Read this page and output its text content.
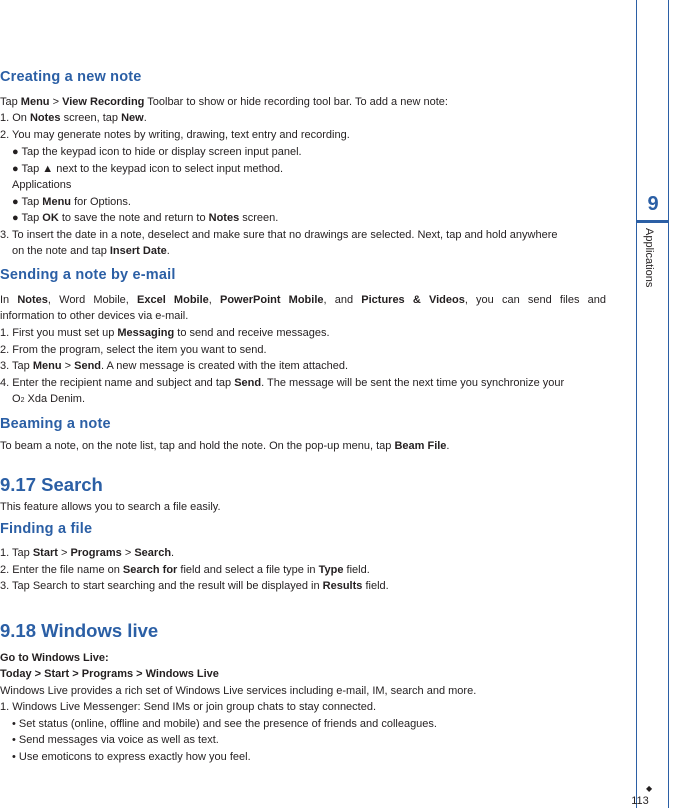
Creating a new note

Tap Menu > View Recording Toolbar to show or hide recording tool bar. To add a new note:

1. On Notes screen, tap New.

2. You may generate notes by writing, drawing, text entry and recording.

● Tap the keypad icon to hide or display screen input panel.

● Tap ▲ next to the keypad icon to select input method.

Applications

● Tap Menu for Options.

● Tap OK to save the note and return to Notes screen.

3. To insert the date in a note, deselect and make sure that no drawings are selected. Next, tap and hold anywhere

on the note and tap Insert Date.

Sending a note by e-mail

In Notes, Word Mobile, Excel Mobile, PowerPoint Mobile, and Pictures & Videos, you can send files and

information to other devices via e-mail.

1. First you must set up Messaging to send and receive messages.

2. From the program, select the item you want to send.

3. Tap Menu > Send. A new message is created with the item attached.

4. Enter the recipient name and subject and tap Send. The message will be sent the next time you synchronize your

O2 Xda Denim.

Beaming a note

To beam a note, on the note list, tap and hold the note. On the pop-up menu, tap Beam File.

9.17 Search

This feature allows you to search a file easily.

Finding a file

1. Tap Start > Programs > Search.

2. Enter the file name on Search for field and select a file type in Type field.

3. Tap Search to start searching and the result will be displayed in Results field.

9.18 Windows live

Go to Windows Live:

Today > Start > Programs > Windows Live

Windows Live provides a rich set of Windows Live services including e-mail, IM, search and more.

1. Windows Live Messenger: Send IMs or join group chats to stay connected.

• Set status (online, offline and mobile) and see the presence of friends and colleagues.

• Send messages via voice as well as text.

• Use emoticons to express exactly how you feel.

9
Applications
◆
113
